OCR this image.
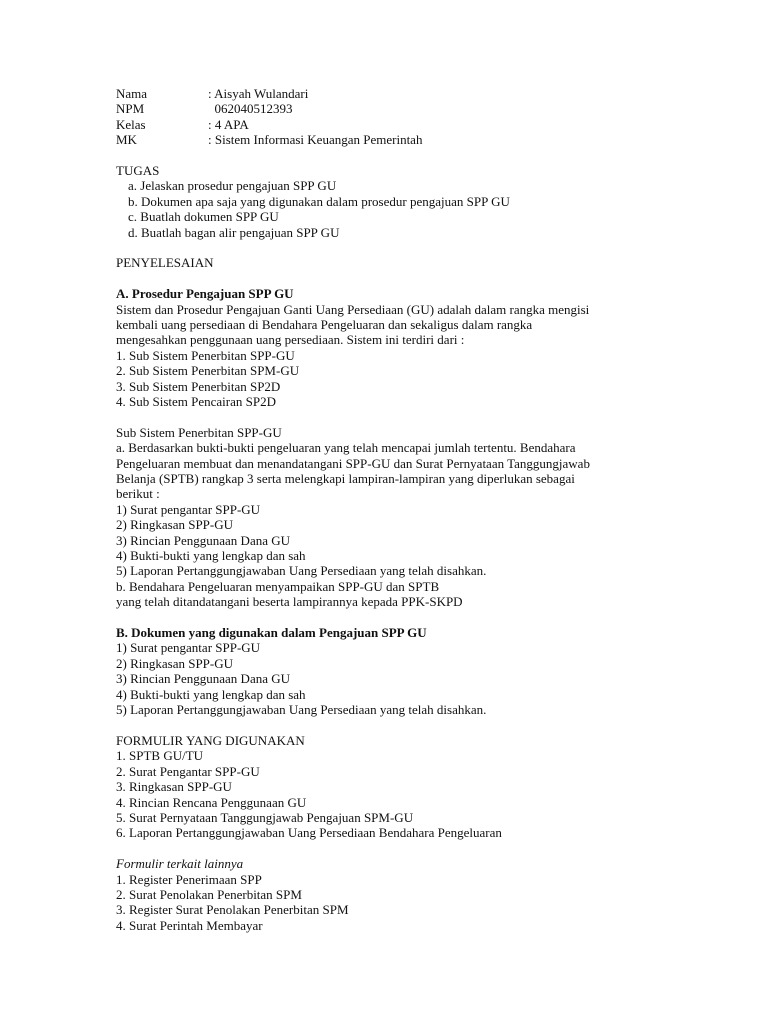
Nama	: Aisyah Wulandari
NPM	062040512393
Kelas	: 4 APA
MK	: Sistem Informasi Keuangan Pemerintah
TUGAS
a. Jelaskan prosedur pengajuan SPP GU
b. Dokumen apa saja yang digunakan dalam prosedur pengajuan SPP GU
c. Buatlah dokumen SPP GU
d. Buatlah bagan alir pengajuan SPP GU
PENYELESAIAN
A. Prosedur Pengajuan SPP GU
Sistem dan Prosedur Pengajuan Ganti Uang Persediaan (GU) adalah dalam rangka mengisi
kembali uang persediaan di Bendahara Pengeluaran dan sekaligus dalam rangka
mengesahkan penggunaan uang persediaan. Sistem ini terdiri dari :
1. Sub Sistem Penerbitan SPP-GU
2. Sub Sistem Penerbitan SPM-GU
3. Sub Sistem Penerbitan SP2D
4. Sub Sistem Pencairan SP2D
Sub Sistem Penerbitan SPP-GU
a. Berdasarkan bukti-bukti pengeluaran yang telah mencapai jumlah tertentu. Bendahara
Pengeluaran membuat dan menandatangani SPP-GU dan Surat Pernyataan Tanggungjawab
Belanja (SPTB) rangkap 3 serta melengkapi lampiran-lampiran yang diperlukan sebagai
berikut :
1) Surat pengantar SPP-GU
2) Ringkasan SPP-GU
3) Rincian Penggunaan Dana GU
4) Bukti-bukti yang lengkap dan sah
5) Laporan Pertanggungjawaban Uang Persediaan yang telah disahkan.
b. Bendahara Pengeluaran menyampaikan SPP-GU dan SPTB
yang telah ditandatangani beserta lampirannya kepada PPK-SKPD
B. Dokumen yang digunakan dalam Pengajuan SPP GU
1) Surat pengantar SPP-GU
2) Ringkasan SPP-GU
3) Rincian Penggunaan Dana GU
4) Bukti-bukti yang lengkap dan sah
5) Laporan Pertanggungjawaban Uang Persediaan yang telah disahkan.
FORMULIR YANG DIGUNAKAN
1. SPTB GU/TU
2. Surat Pengantar SPP-GU
3. Ringkasan SPP-GU
4. Rincian Rencana Penggunaan GU
5. Surat Pernyataan Tanggungjawab Pengajuan SPM-GU
6. Laporan Pertanggungjawaban Uang Persediaan Bendahara Pengeluaran
Formulir terkait lainnya
1. Register Penerimaan SPP
2. Surat Penolakan Penerbitan SPM
3. Register Surat Penolakan Penerbitan SPM
4. Surat Perintah Membayar
